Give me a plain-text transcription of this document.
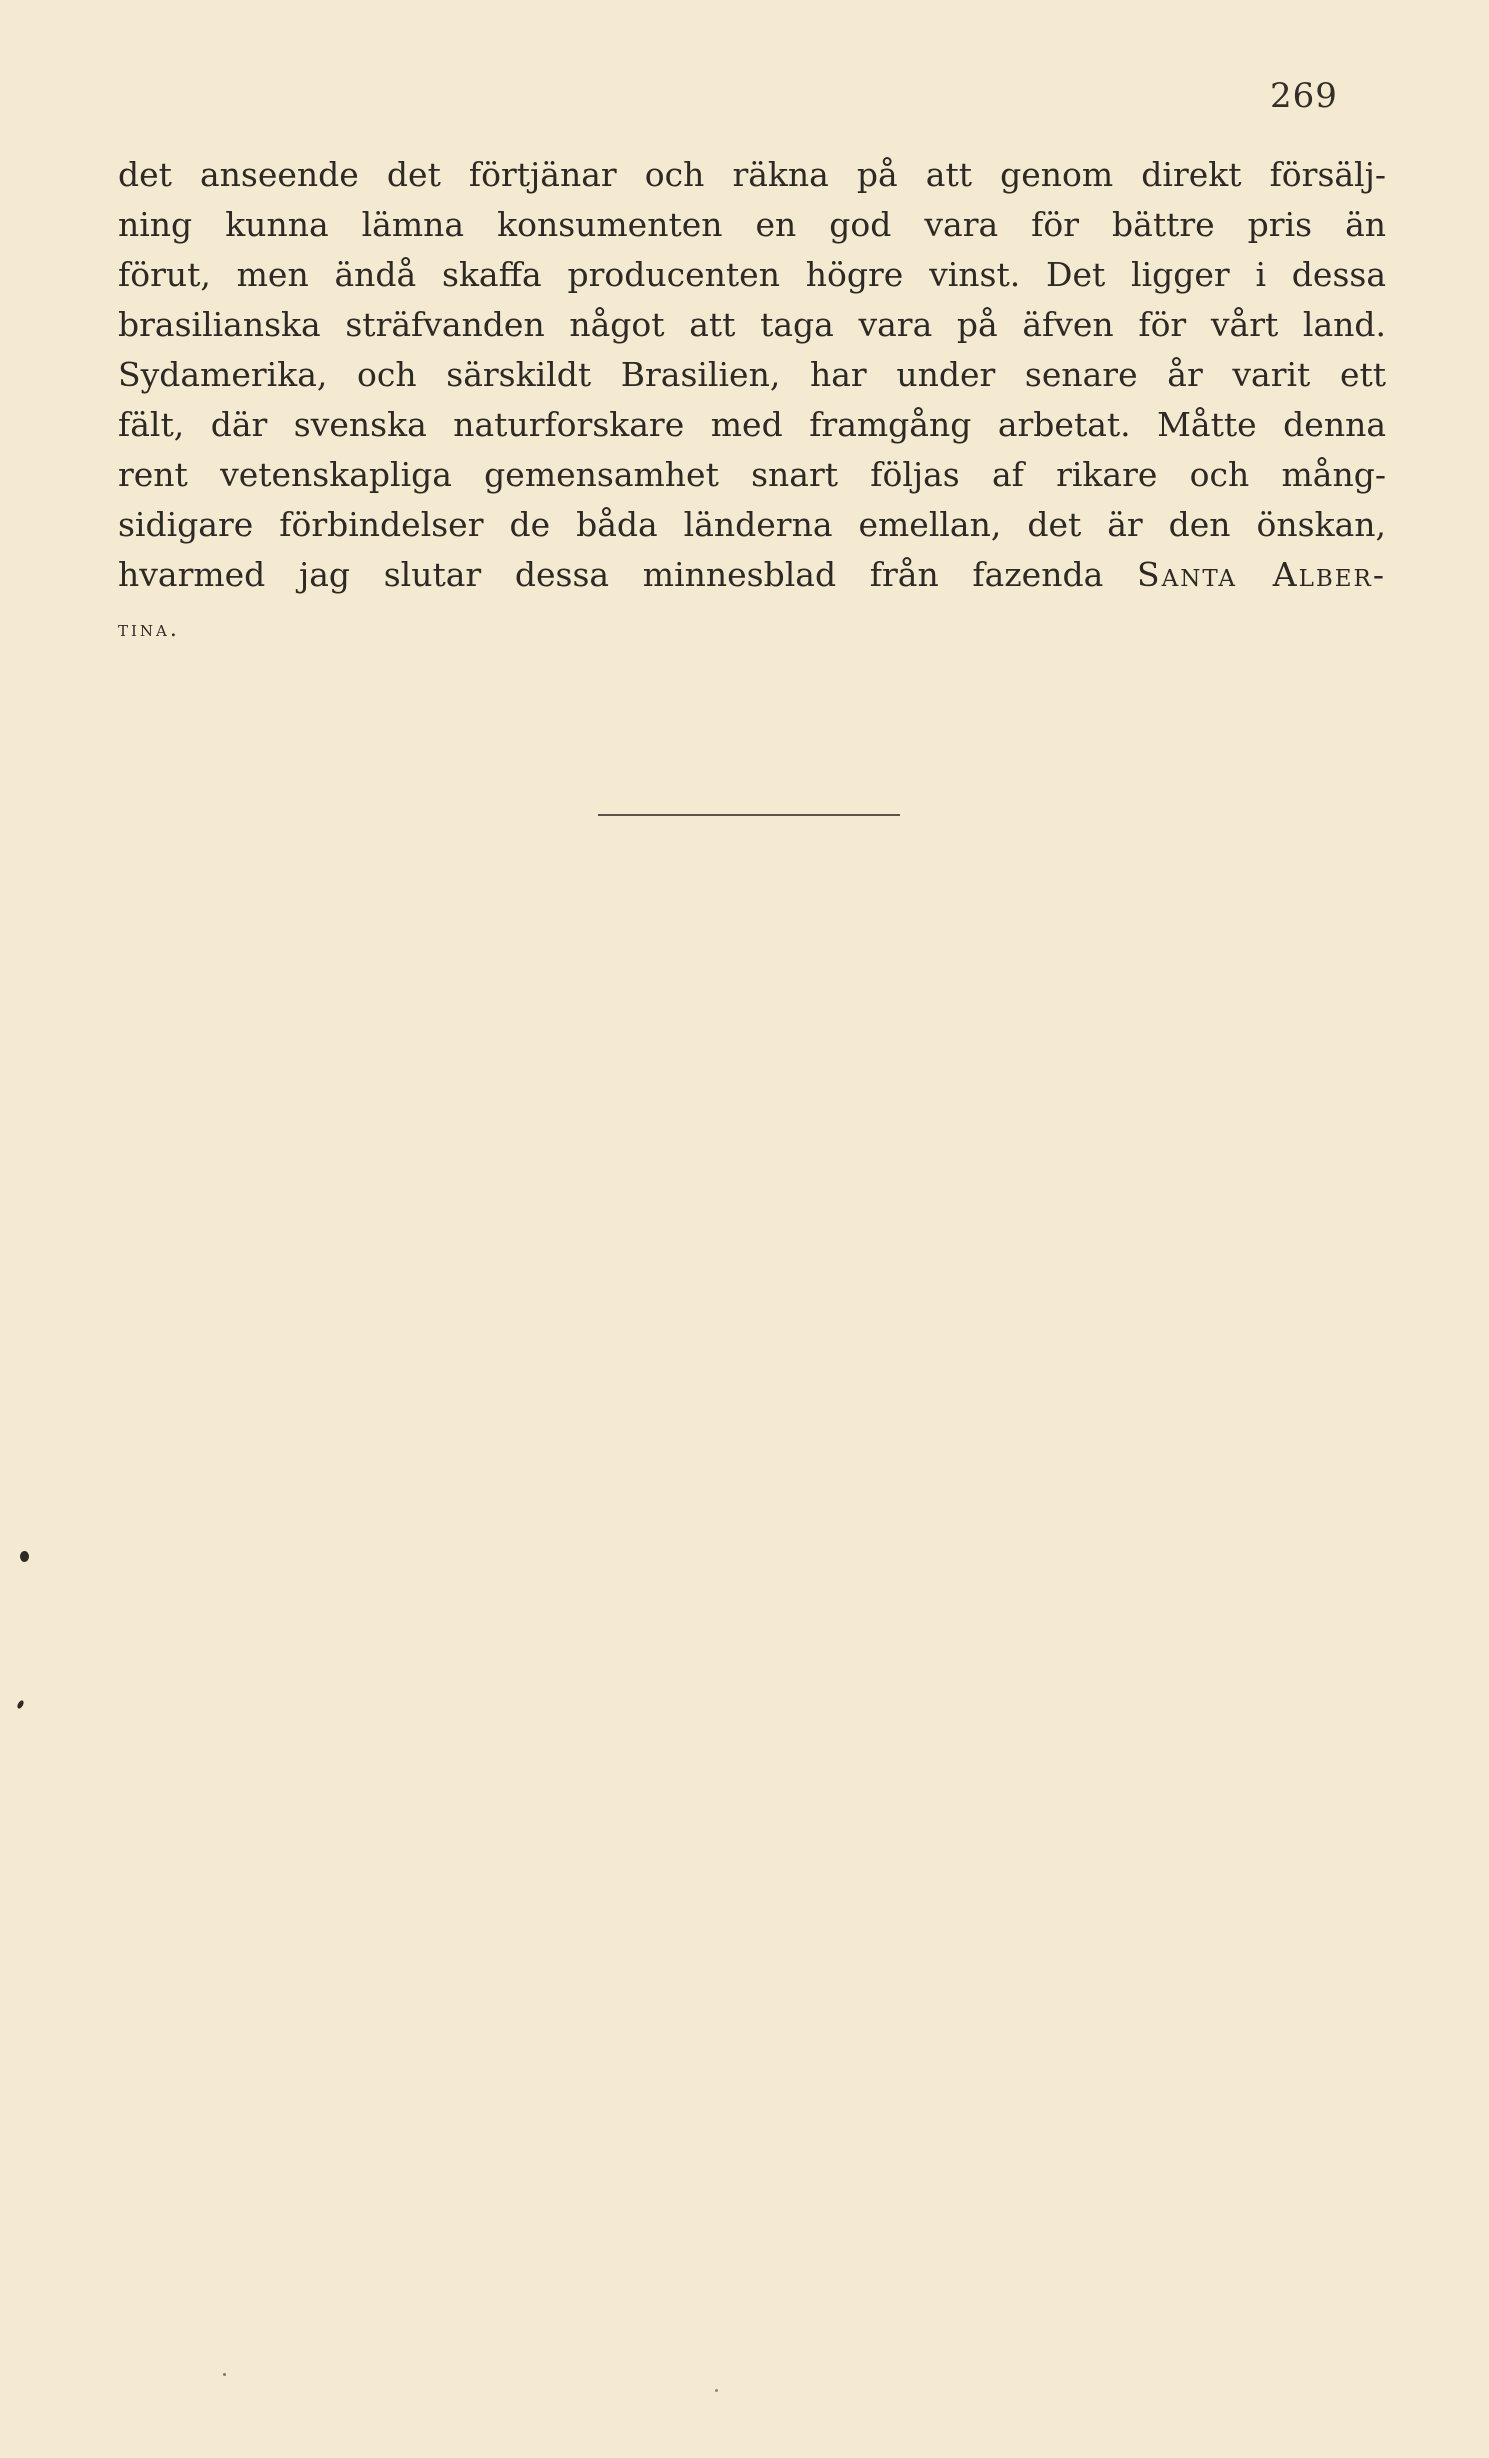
269
det anseende det förtjänar och räkna på att genom direkt försälj-
ning kunna lämna konsumenten en god vara för bättre pris än
förut, men ändå skaffa producenten högre vinst. Det ligger i dessa
brasilianska sträfvanden något att taga vara på äfven för vårt land.
Sydamerika, och särskildt Brasilien, har under senare år varit ett
fält, där svenska naturforskare med framgång arbetat. Måtte denna
rent vetenskapliga gemensamhet snart följas af rikare och mång-
sidigare förbindelser de båda länderna emellan, det är den önskan,
hvarmed jag slutar dessa minnesblad från fazenda Santa Alber-
tina.
